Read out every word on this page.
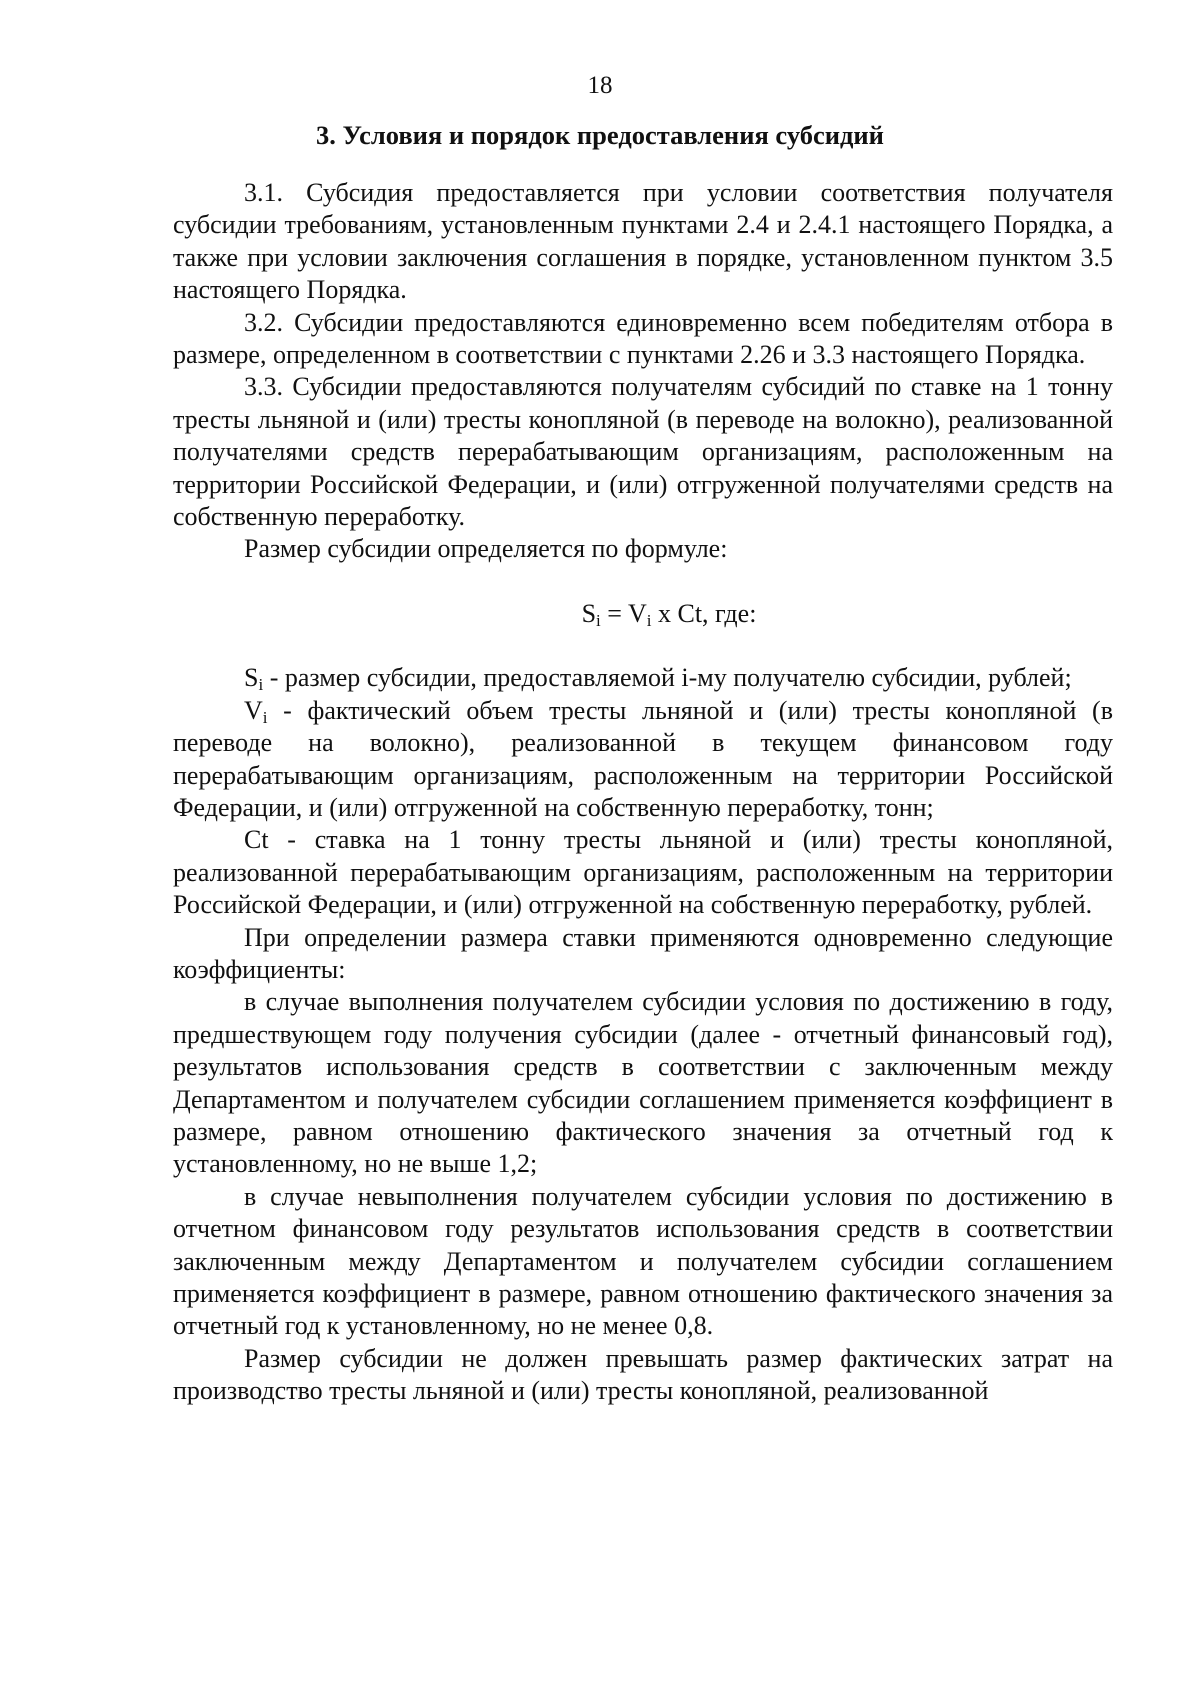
18
3. Условия и порядок предоставления субсидий

3.1. Субсидия предоставляется при условии соответствия получателя субсидии требованиям, установленным пунктами 2.4 и 2.4.1 настоящего Порядка, а также при условии заключения соглашения в порядке, установленном пунктом 3.5 настоящего Порядка.

3.2. Субсидии предоставляются единовременно всем победителям отбора в размере, определенном в соответствии с пунктами 2.26 и 3.3 настоящего Порядка.

3.3. Субсидии предоставляются получателям субсидий по ставке на 1 тонну тресты льняной и (или) тресты конопляной (в переводе на волокно), реализованной получателями средств перерабатывающим организациям, расположенным на территории Российской Федерации, и (или) отгруженной получателями средств на собственную переработку.

Размер субсидии определяется по формуле:

Si = Vi x Ct, где:

Si - размер субсидии, предоставляемой i-му получателю субсидии, рублей;

Vi - фактический объем тресты льняной и (или) тресты конопляной (в переводе на волокно), реализованной в текущем финансовом году перерабатывающим организациям, расположенным на территории Российской Федерации, и (или) отгруженной на собственную переработку, тонн;

Ct - ставка на 1 тонну тресты льняной и (или) тресты конопляной, реализованной перерабатывающим организациям, расположенным на территории Российской Федерации, и (или) отгруженной на собственную переработку, рублей.

При определении размера ставки применяются одновременно следующие коэффициенты:

в случае выполнения получателем субсидии условия по достижению в году, предшествующем году получения субсидии (далее - отчетный финансовый год), результатов использования средств в соответствии с заключенным между Департаментом и получателем субсидии соглашением применяется коэффициент в размере, равном отношению фактического значения за отчетный год к установленному, но не выше 1,2;

в случае невыполнения получателем субсидии условия по достижению в отчетном финансовом году результатов использования средств в соответствии заключенным между Департаментом и получателем субсидии соглашением применяется коэффициент в размере, равном отношению фактического значения за отчетный год к установленному, но не менее 0,8.

Размер субсидии не должен превышать размер фактических затрат на производство тресты льняной и (или) тресты конопляной, реализованной
